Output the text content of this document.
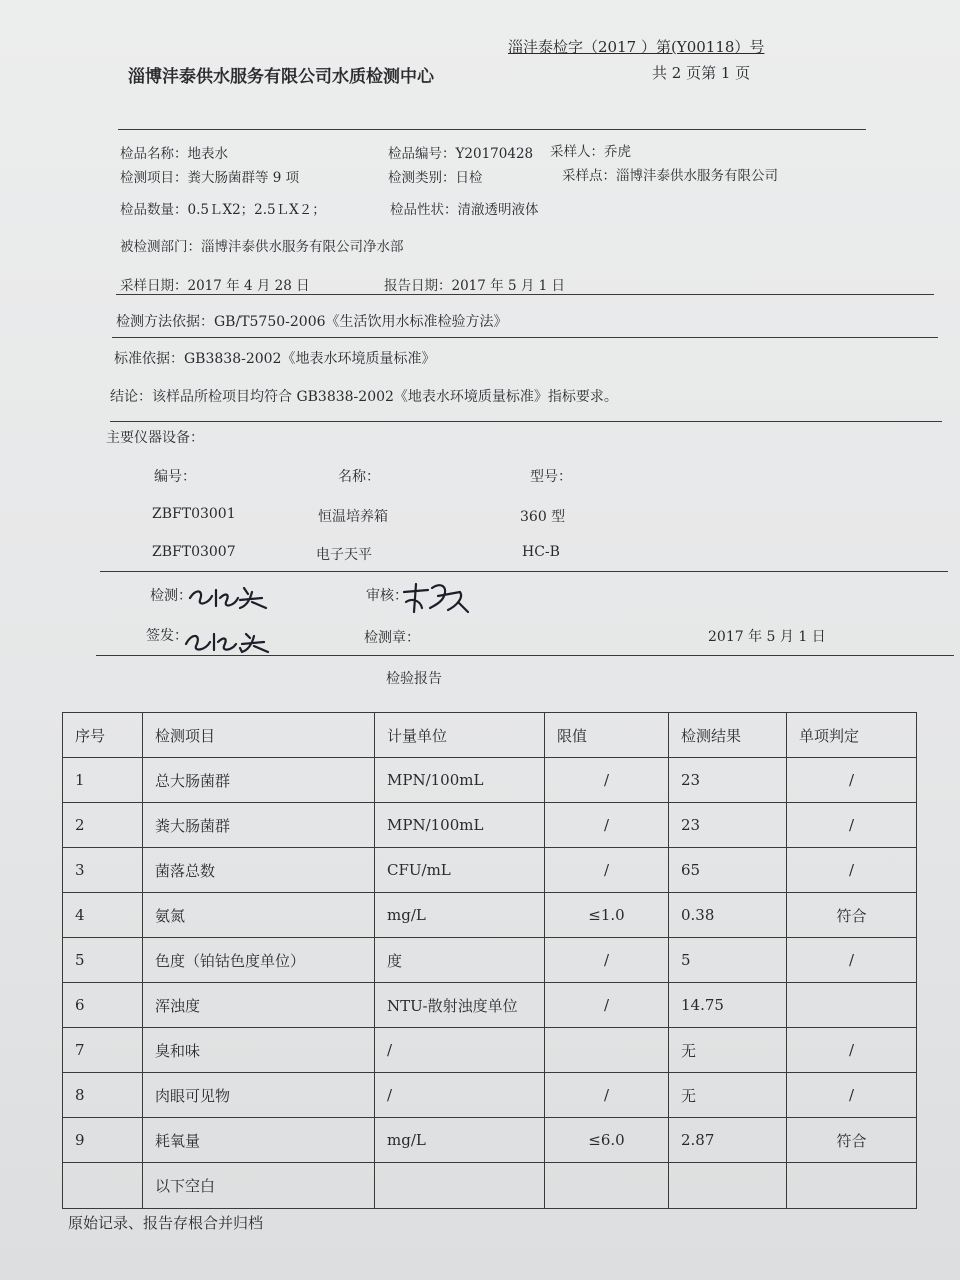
淄沣泰检字（2017 ）第(Y00118）号
淄博沣泰供水服务有限公司水质检测中心	共 2 页第 1 页
检品名称：地表水	检品编号：Y20170428 采样人：乔虎
检测项目：粪大肠菌群等 9 项	检测类别：日检	采样点：淄博沣泰供水服务有限公司
检品数量：0.5ＬX2；2.5ＬX２；	检品性状：清澈透明液体
被检测部门：淄博沣泰供水服务有限公司净水部
采样日期：2017 年 4 月 28 日	报告日期：2017 年 5 月 1 日
检测方法依据：GB/T5750-2006《生活饮用水标准检验方法》
标准依据：GB3838-2002《地表水环境质量标准》
结论：该样品所检项目均符合 GB3838-2002《地表水环境质量标准》指标要求。
主要仪器设备：
编号：	名称：	型号：
ZBFT03001	恒温培养箱	360 型
ZBFT03007	电子天平	HC-B
检测：	审核：
签发：	检测章：	2017 年 5 月 1 日
检验报告
序号	检测项目	计量单位	限值	检测结果	单项判定
1	总大肠菌群	MPN/100mL	/	23	/
2	粪大肠菌群	MPN/100mL	/	23	/
3	菌落总数	CFU/mL	/	65	/
4	氨氮	mg/L	≤1.0	0.38	符合
5	色度（铂钴色度单位）	度	/	5	/
6	浑浊度	NTU-散射浊度单位	/	14.75	
7	臭和味	/		无	/
8	肉眼可见物	/	/	无	/
9	耗氧量	mg/L	≤6.0	2.87	符合
	以下空白				
原始记录、报告存根合并归档
